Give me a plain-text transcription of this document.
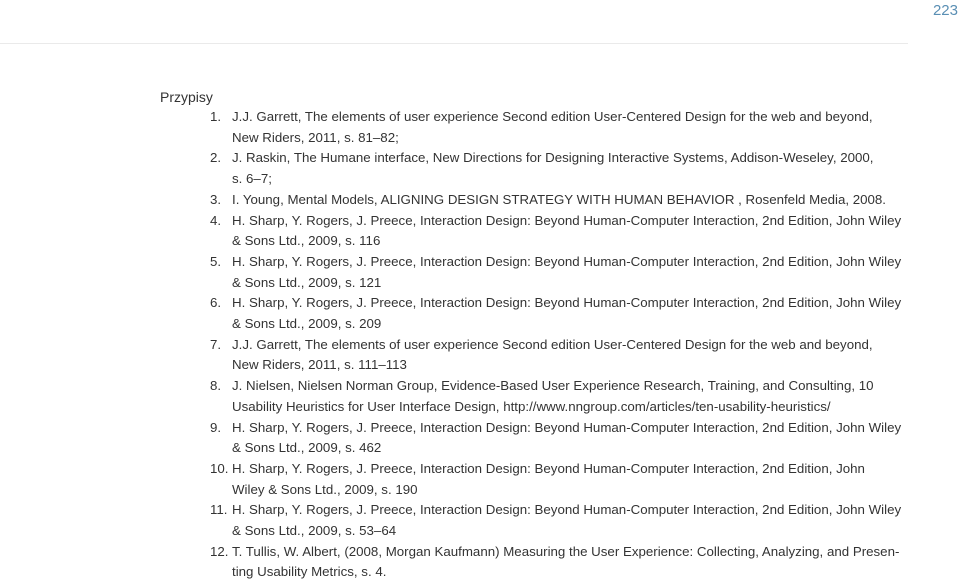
223
Przypisy
1. J.J. Garrett, The elements of user experience Second edition User-Centered Design for the web and beyond,
New Riders, 2011, s. 81–82;
2. J. Raskin, The Humane interface, New Directions for Designing Interactive Systems, Addison-Weseley, 2000,
s. 6–7;
3. I. Young, Mental Models, ALIGNING DESIGN STRATEGY WITH HUMAN BEHAVIOR , Rosenfeld Media, 2008.
4. H. Sharp, Y. Rogers, J. Preece, Interaction Design: Beyond Human-Computer Interaction, 2nd Edition, John Wiley
& Sons Ltd., 2009, s. 116
5. H. Sharp, Y. Rogers, J. Preece, Interaction Design: Beyond Human-Computer Interaction, 2nd Edition, John Wiley
& Sons Ltd., 2009, s. 121
6. H. Sharp, Y. Rogers, J. Preece, Interaction Design: Beyond Human-Computer Interaction, 2nd Edition, John Wiley
& Sons Ltd., 2009, s. 209
7. J.J. Garrett, The elements of user experience Second edition User-Centered Design for the web and beyond,
New Riders, 2011, s. 111–113
8. J. Nielsen, Nielsen Norman Group, Evidence-Based User Experience Research, Training, and Consulting, 10
Usability Heuristics for User Interface Design, http://www.nngroup.com/articles/ten-usability-heuristics/
9. H. Sharp, Y. Rogers, J. Preece, Interaction Design: Beyond Human-Computer Interaction, 2nd Edition, John Wiley
& Sons Ltd., 2009, s. 462
10. H. Sharp, Y. Rogers, J. Preece, Interaction Design: Beyond Human-Computer Interaction, 2nd Edition, John
Wiley & Sons Ltd., 2009, s. 190
11. H. Sharp, Y. Rogers, J. Preece, Interaction Design: Beyond Human-Computer Interaction, 2nd Edition, John Wiley
& Sons Ltd., 2009, s. 53–64
12. T. Tullis, W. Albert, (2008, Morgan Kaufmann) Measuring the User Experience: Collecting, Analyzing, and Presen-
ting Usability Metrics, s. 4.
